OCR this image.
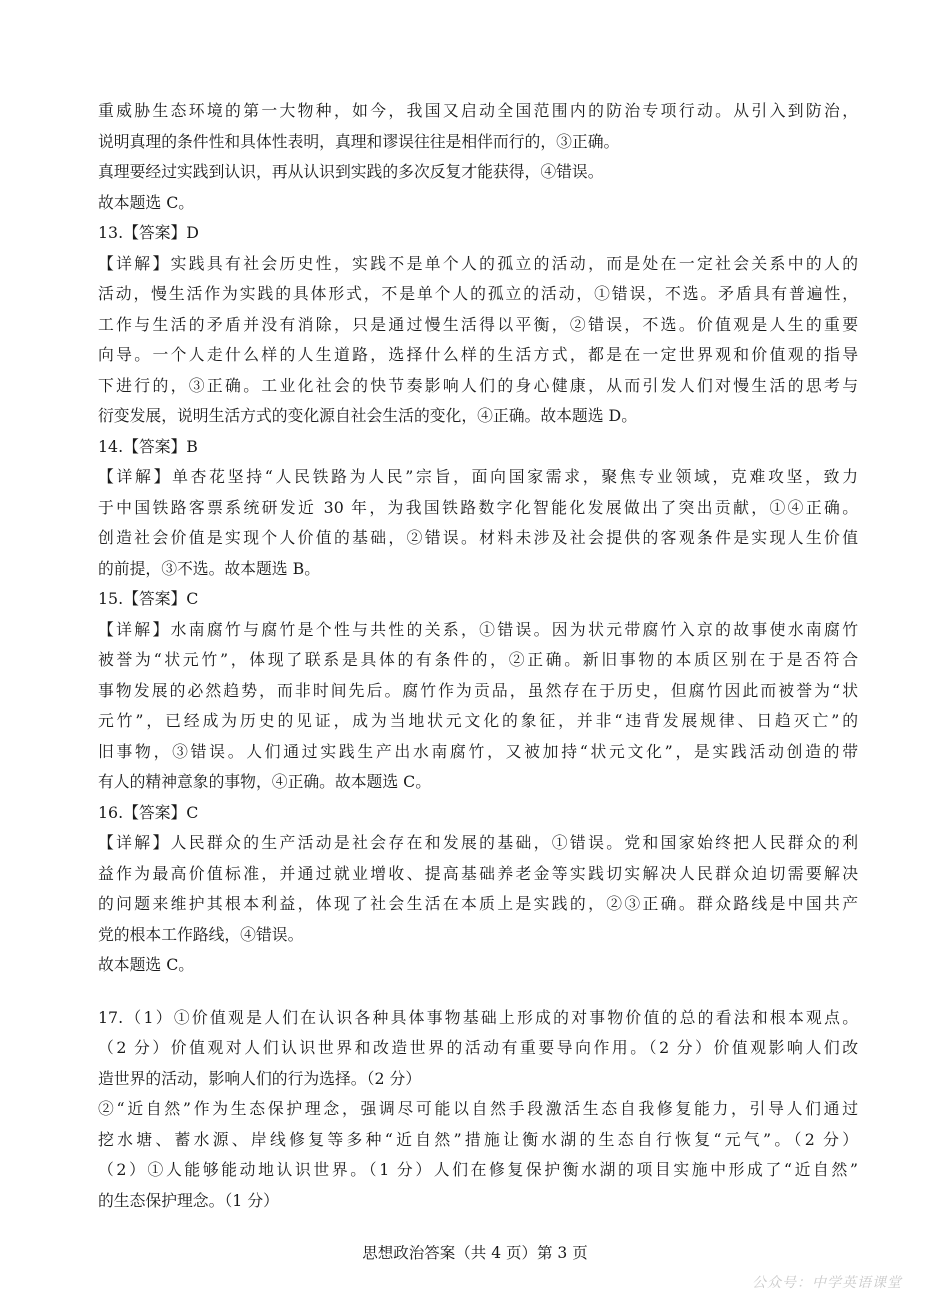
重威胁生态环境的第一大物种，如今，我国又启动全国范围内的防治专项行动。从引入到防治，
说明真理的条件性和具体性表明，真理和谬误往往是相伴而行的，③正确。
真理要经过实践到认识，再从认识到实践的多次反复才能获得，④错误。
故本题选 C。
13.【答案】D
【详解】实践具有社会历史性，实践不是单个人的孤立的活动，而是处在一定社会关系中的人的
活动，慢生活作为实践的具体形式，不是单个人的孤立的活动，①错误，不选。矛盾具有普遍性，
工作与生活的矛盾并没有消除，只是通过慢生活得以平衡，②错误，不选。价值观是人生的重要
向导。一个人走什么样的人生道路，选择什么样的生活方式，都是在一定世界观和价值观的指导
下进行的，③正确。工业化社会的快节奏影响人们的身心健康，从而引发人们对慢生活的思考与
衍变发展，说明生活方式的变化源自社会生活的变化，④正确。故本题选 D。
14.【答案】B
【详解】单杏花坚持“人民铁路为人民”宗旨，面向国家需求，聚焦专业领域，克难攻坚，致力
于中国铁路客票系统研发近 30 年，为我国铁路数字化智能化发展做出了突出贡献，①④正确。
创造社会价值是实现个人价值的基础，②错误。材料未涉及社会提供的客观条件是实现人生价值
的前提，③不选。故本题选 B。
15.【答案】C
【详解】水南腐竹与腐竹是个性与共性的关系，①错误。因为状元带腐竹入京的故事使水南腐竹
被誉为“状元竹”，体现了联系是具体的有条件的，②正确。新旧事物的本质区别在于是否符合
事物发展的必然趋势，而非时间先后。腐竹作为贡品，虽然存在于历史，但腐竹因此而被誉为“状
元竹”，已经成为历史的见证，成为当地状元文化的象征，并非“违背发展规律、日趋灭亡”的
旧事物，③错误。人们通过实践生产出水南腐竹，又被加持“状元文化”，是实践活动创造的带
有人的精神意象的事物，④正确。故本题选 C。
16.【答案】C
【详解】人民群众的生产活动是社会存在和发展的基础，①错误。党和国家始终把人民群众的利
益作为最高价值标准，并通过就业增收、提高基础养老金等实践切实解决人民群众迫切需要解决
的问题来维护其根本利益，体现了社会生活在本质上是实践的，②③正确。群众路线是中国共产
党的根本工作路线，④错误。
故本题选 C。
17.（1）①价值观是人们在认识各种具体事物基础上形成的对事物价值的总的看法和根本观点。
（2 分）价值观对人们认识世界和改造世界的活动有重要导向作用。（2 分）价值观影响人们改
造世界的活动，影响人们的行为选择。（2 分）
②“近自然”作为生态保护理念，强调尽可能以自然手段激活生态自我修复能力，引导人们通过
挖水塘、蓄水源、岸线修复等多种“近自然”措施让衡水湖的生态自行恢复“元气”。（2 分）
（2）①人能够能动地认识世界。（1 分）人们在修复保护衡水湖的项目实施中形成了“近自然”
的生态保护理念。（1 分）
思想政治答案（共 4 页）第 3 页
公众号：中学英语课堂
